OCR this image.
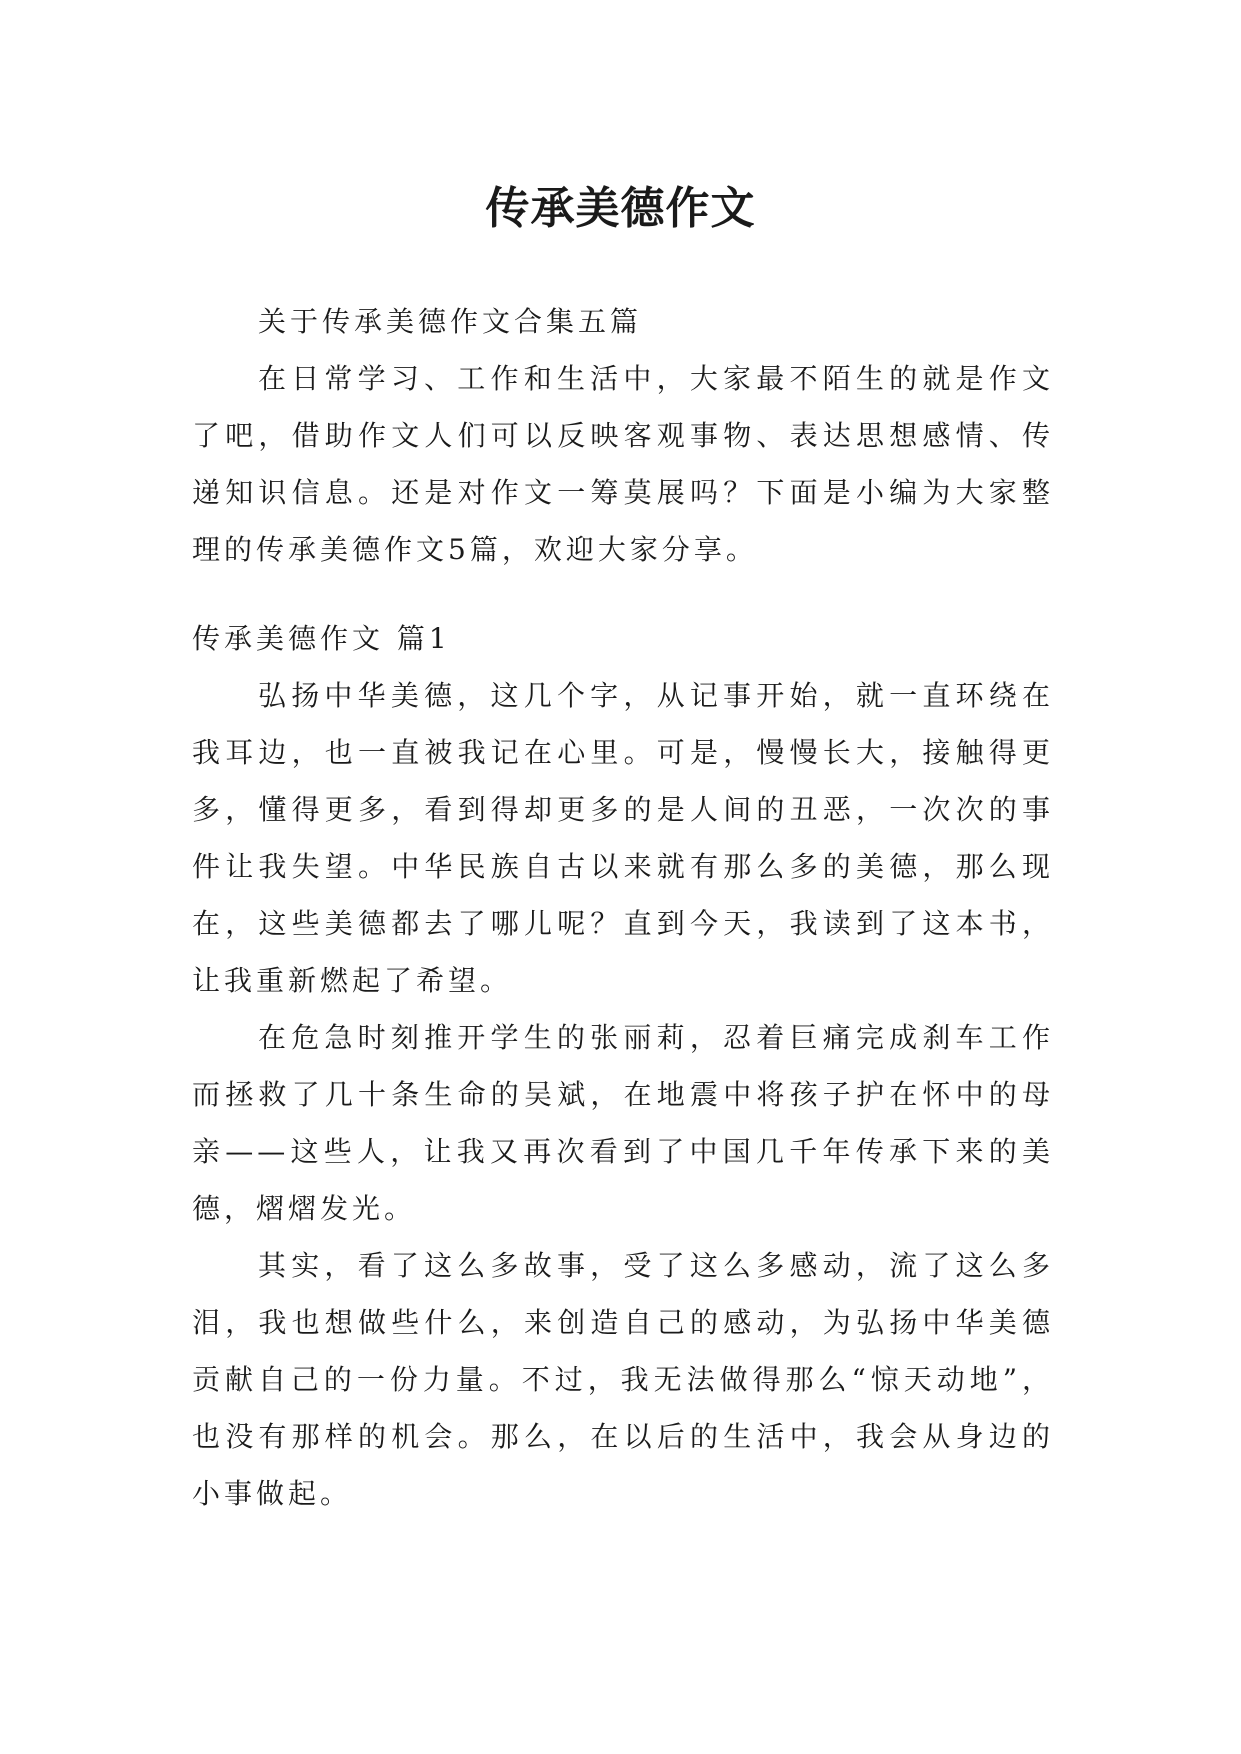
传承美德作文

关于传承美德作文合集五篇

在日常学习、工作和生活中，大家最不陌生的就是作文了吧，借助作文人们可以反映客观事物、表达思想感情、传递知识信息。还是对作文一筹莫展吗？下面是小编为大家整理的传承美德作文5篇，欢迎大家分享。

传承美德作文 篇1

弘扬中华美德，这几个字，从记事开始，就一直环绕在我耳边，也一直被我记在心里。可是，慢慢长大，接触得更多，懂得更多，看到得却更多的是人间的丑恶，一次次的事件让我失望。中华民族自古以来就有那么多的美德，那么现在，这些美德都去了哪儿呢？直到今天，我读到了这本书，让我重新燃起了希望。

在危急时刻推开学生的张丽莉，忍着巨痛完成刹车工作而拯救了几十条生命的吴斌，在地震中将孩子护在怀中的母亲——这些人，让我又再次看到了中国几千年传承下来的美德，熠熠发光。

其实，看了这么多故事，受了这么多感动，流了这么多泪，我也想做些什么，来创造自己的感动，为弘扬中华美德贡献自己的一份力量。不过，我无法做得那么“惊天动地”，也没有那样的机会。那么，在以后的生活中，我会从身边的小事做起。
